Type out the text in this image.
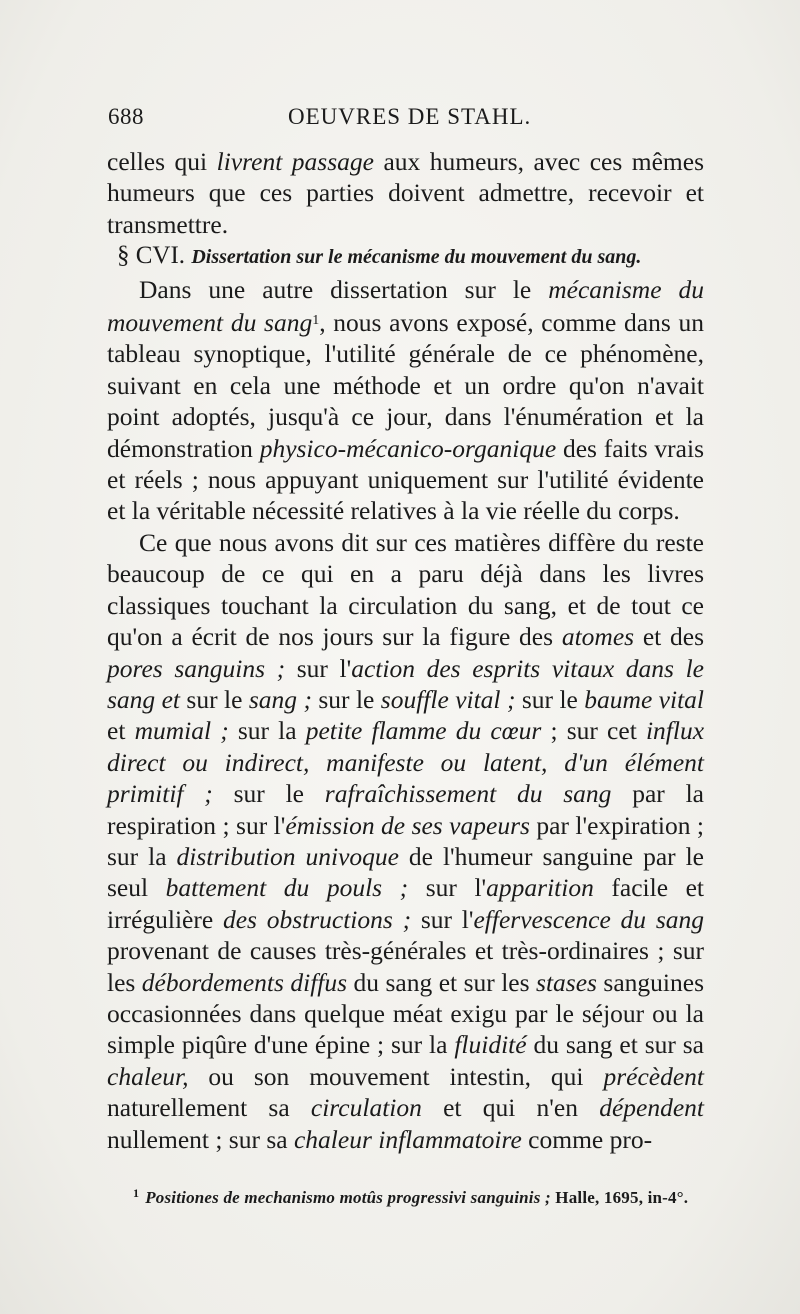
688	OEUVRES DE STAHL.

celles qui livrent passage aux humeurs, avec ces mêmes humeurs que ces parties doivent admettre, recevoir et transmettre.

§ CVI. Dissertation sur le mécanisme du mouvement du sang.

Dans une autre dissertation sur le mécanisme du mouvement du sang$^1$, nous avons exposé, comme dans un tableau synoptique, l'utilité générale de ce phénomène, suivant en cela une méthode et un ordre qu'on n'avait point adoptés, jusqu'à ce jour, dans l'énumération et la démonstration physico-mécanico-organique des faits vrais et réels ; nous appuyant uniquement sur l'utilité évidente et la véritable nécessité relatives à la vie réelle du corps.

Ce que nous avons dit sur ces matières diffère du reste beaucoup de ce qui en a paru déjà dans les livres classiques touchant la circulation du sang, et de tout ce qu'on a écrit de nos jours sur la figure des atomes et des pores sanguins ; sur l'action des esprits vitaux dans le sang et sur le sang ; sur le souffle vital ; sur le baume vital et mumial ; sur la petite flamme du cœur ; sur cet influx direct ou indirect, manifeste ou latent, d'un élément primitif ; sur le rafraîchissement du sang par la respiration ; sur l'émission de ses vapeurs par l'expiration ; sur la distribution univoque de l'humeur sanguine par le seul battement du pouls ; sur l'apparition facile et irrégulière des obstructions ; sur l'effervescence du sang provenant de causes très-générales et très-ordinaires ; sur les débordements diffus du sang et sur les stases sanguines occasionnées dans quelque méat exigu par le séjour ou la simple piqûre d'une épine ; sur la fluidité du sang et sur sa chaleur, ou son mouvement intestin, qui précèdent naturellement sa circulation et qui n'en dépendent nullement ; sur sa chaleur inflammatoire comme pro-

$^1$ Positiones de mechanismo motûs progressivi sanguinis ; Halle, 1695, in-4°.
